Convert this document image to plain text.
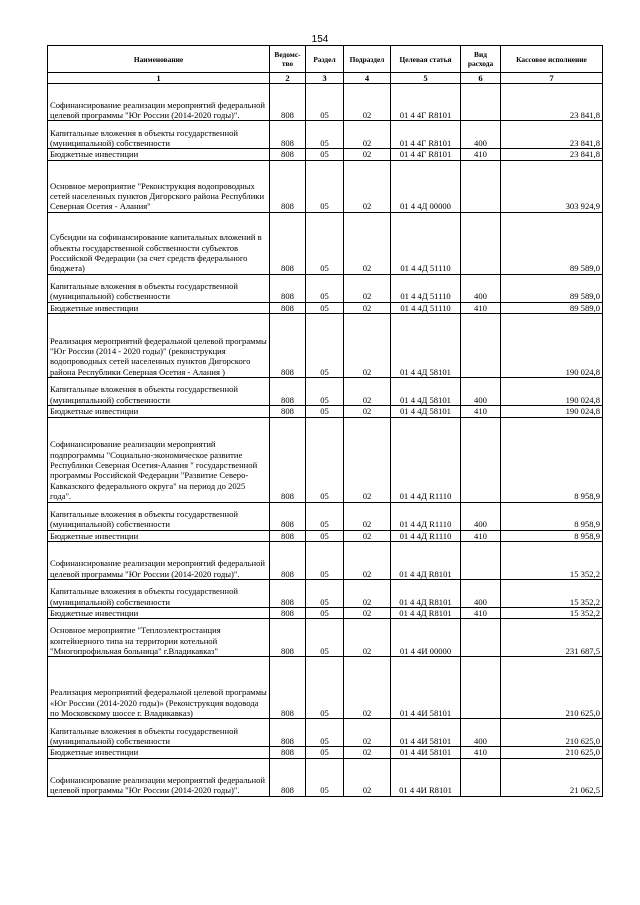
154
Наименование	Ведомс-тво	Раздел	Подраздел	Целевая статья	Вид расхода	Кассовое исполнение
1	2	3	4	5	6	7
Софинансирование реализации мероприятий федеральной целевой программы "Юг России (2014-2020 годы)".	808	05	02	01 4 4Г R8101		23 841,8
Капитальные вложения в объекты государственной (муниципальной) собственности	808	05	02	01 4 4Г R8101	400	23 841,8
Бюджетные инвестиции	808	05	02	01 4 4Г R8101	410	23 841,8
Основное мероприятие "Реконструкция водопроводных сетей населенных пунктов Дигорского района Республики Северная Осетия - Алания"	808	05	02	01 4 4Д 00000		303 924,9
Субсидии на софинансирование капитальных вложений в объекты государственной собственности субъектов Российской Федерации (за счет средств федерального бюджета)	808	05	02	01 4 4Д 51110		89 589,0
Капитальные вложения в объекты государственной (муниципальной) собственности	808	05	02	01 4 4Д 51110	400	89 589,0
Бюджетные инвестиции	808	05	02	01 4 4Д 51110	410	89 589,0
Реализация мероприятий федеральной целевой программы "Юг России (2014 - 2020 годы)" (реконструкция водопроводных сетей населенных пунктов Дигорского района Республики Северная Осетия - Алания )	808	05	02	01 4 4Д 58101		190 024,8
Капитальные вложения в объекты государственной (муниципальной) собственности	808	05	02	01 4 4Д 58101	400	190 024,8
Бюджетные инвестиции	808	05	02	01 4 4Д 58101	410	190 024,8
Софинансирование реализации мероприятий подпрограммы "Социально-экономическое развитие Республики Северная Осетия-Алания " государственной программы Российской Федерации "Развитие Северо-Кавказского федерального округа" на период до 2025 года".	808	05	02	01 4 4Д R1110		8 958,9
Капитальные вложения в объекты государственной (муниципальной) собственности	808	05	02	01 4 4Д R1110	400	8 958,9
Бюджетные инвестиции	808	05	02	01 4 4Д R1110	410	8 958,9
Софинансирование реализации мероприятий федеральной целевой программы "Юг России (2014-2020 годы)".	808	05	02	01 4 4Д R8101		15 352,2
Капитальные вложения в объекты государственной (муниципальной) собственности	808	05	02	01 4 4Д R8101	400	15 352,2
Бюджетные инвестиции	808	05	02	01 4 4Д R8101	410	15 352,2
Основное мероприятие "Теплоэлектростанция контейнерного типа на территории котельной "Многопрофильная больница" г.Владикавказ"	808	05	02	01 4 4И 00000		231 687,5
Реализация мероприятий федеральной целевой программы «Юг России (2014-2020 годы)» (Реконструкция водовода по Московскому шоссе г. Владикавказ)	808	05	02	01 4 4И 58101		210 625,0
Капитальные вложения в объекты государственной (муниципальной) собственности	808	05	02	01 4 4И 58101	400	210 625,0
Бюджетные инвестиции	808	05	02	01 4 4И 58101	410	210 625,0
Софинансирование реализации мероприятий федеральной целевой программы "Юг России (2014-2020 годы)".	808	05	02	01 4 4И R8101		21 062,5
